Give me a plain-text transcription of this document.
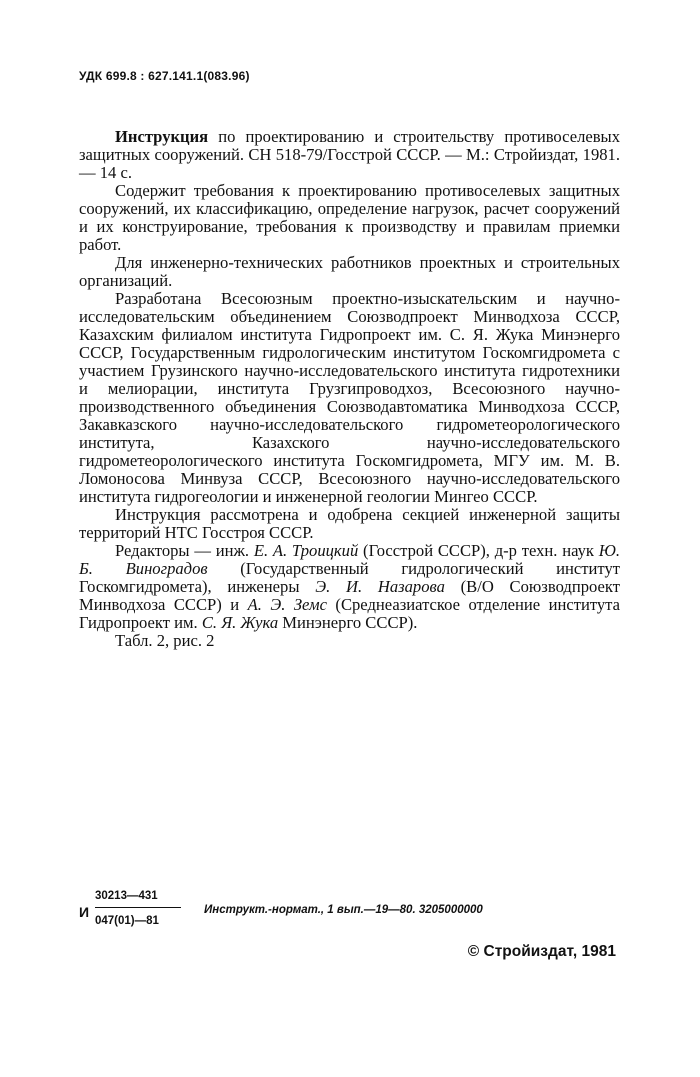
УДК 699.8 : 627.141.1(083.96)

Инструкция по проектированию и строительству противоселевых защитных сооружений. СН 518-79/Госстрой СССР. — М.: Стройиздат, 1981. — 14 с.

Содержит требования к проектированию противоселевых защитных сооружений, их классификацию, определение нагрузок, расчет сооружений и их конструирование, требования к производству и правилам приемки работ.

Для инженерно-технических работников проектных и строительных организаций.

Разработана Всесоюзным проектно-изыскательским и научно-исследовательским объединением Союзводпроект Минводхоза СССР, Казахским филиалом института Гидропроект им. С. Я. Жука Минэнерго СССР, Государственным гидрологическим институтом Госкомгидромета с участием Грузинского научно-исследовательского института гидротехники и мелиорации, института Грузгипроводхоз, Всесоюзного научно-производственного объединения Союзводавтоматика Минводхоза СССР, Закавказского научно-исследовательского гидрометеорологического института, Казахского научно-исследовательского гидрометеорологического института Госкомгидромета, МГУ им. М. В. Ломоносова Минвуза СССР, Всесоюзного научно-исследовательского института гидрогеологии и инженерной геологии Мингео СССР.

Инструкция рассмотрена и одобрена секцией инженерной защиты территорий НТС Госстроя СССР.

Редакторы — инж. Е. А. Троицкий (Госстрой СССР), д-р техн. наук Ю. Б. Виноградов (Государственный гидрологический институт Госкомгидромета), инженеры Э. И. Назарова (В/О Союзводпроект Минводхоза СССР) и А. Э. Земс (Среднеазиатское отделение института Гидропроект им. С. Я. Жука Минэнерго СССР).

Табл. 2, рис. 2

И
30213—431
047(01)—81
Инструкт.-нормат., 1 вып.—19—80. 3205000000
© Стройиздат, 1981
